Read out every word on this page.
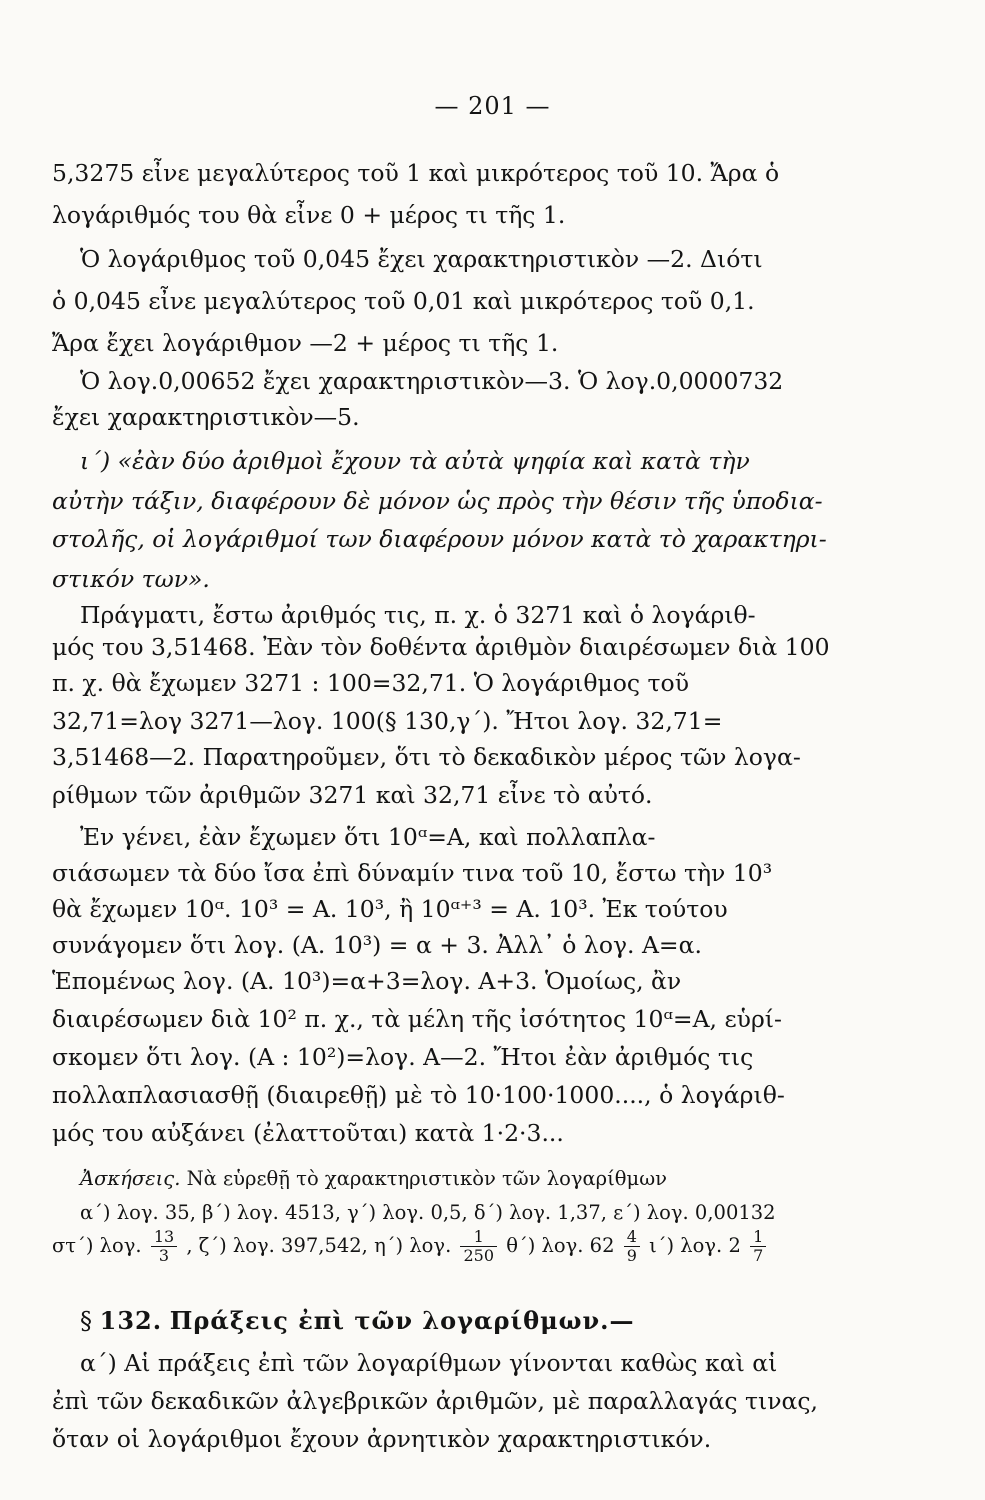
— 201 —
5,3275 εἶνε μεγαλύτερος τοῦ 1 καὶ μικρότερος τοῦ 10. Ἄρα ὁ
λογάριθμός του θὰ εἶνε 0 + μέρος τι τῆς 1.
Ὁ λογάριθμος τοῦ 0,045 ἔχει χαρακτηριστικὸν —2. Διότι
ὁ 0,045 εἶνε μεγαλύτερος τοῦ 0,01 καὶ μικρότερος τοῦ 0,1.
Ἄρα ἔχει λογάριθμον —2 + μέρος τι τῆς 1.
Ὁ λογ.0,00652 ἔχει χαρακτηριστικὸν—3. Ὁ λογ.0,0000732
ἔχει χαρακτηριστικὸν—5.
ι΄) «ἐὰν δύο ἀριθμοὶ ἔχουν τὰ αὐτὰ ψηφία καὶ κατὰ τὴν
αὐτὴν τάξιν, διαφέρουν δὲ μόνον ὡς πρὸς τὴν θέσιν τῆς ὑποδια-
στολῆς, οἱ λογάριθμοί των διαφέρουν μόνον κατὰ τὸ χαρακτηρι-
στικόν των».
Πράγματι, ἔστω ἀριθμός τις, π. χ. ὁ 3271 καὶ ὁ λογάριθ-
μός του 3,51468. Ἐὰν τὸν δοθέντα ἀριθμὸν διαιρέσωμεν διὰ 100
π. χ. θὰ ἔχωμεν 3271 : 100=32,71. Ὁ λογάριθμος τοῦ
32,71=λογ 3271—λογ. 100(§ 130,γ΄). Ἤτοι λογ. 32,71=
3,51468—2. Παρατηροῦμεν, ὅτι τὸ δεκαδικὸν μέρος τῶν λογα-
ρίθμων τῶν ἀριθμῶν 3271 καὶ 32,71 εἶνε τὸ αὐτό.
Ἐν γένει, ἐὰν ἔχωμεν ὅτι 10ᵅ=A, καὶ πολλαπλα-
σιάσωμεν τὰ δύο ἴσα ἐπὶ δύναμίν τινα τοῦ 10, ἔστω τὴν 10³
θὰ ἔχωμεν 10ᵅ. 10³ = A. 10³, ἢ 10ᵅ⁺³ = A. 10³. Ἐκ τούτου
συνάγομεν ὅτι λογ. (A. 10³) = α + 3. Ἀλλ᾽ ὁ λογ. A=α.
Ἑπομένως λογ. (A. 10³)=α+3=λογ. A+3. Ὁμοίως, ἂν
διαιρέσωμεν διὰ 10² π. χ., τὰ μέλη τῆς ἰσότητος 10ᵅ=A, εὑρί-
σκομεν ὅτι λογ. (A : 10²)=λογ. A—2. Ἤτοι ἐὰν ἀριθμός τις
πολλαπλασιασθῇ (διαιρεθῇ) μὲ τὸ 10·100·1000...., ὁ λογάριθ-
μός του αὐξάνει (ἐλαττοῦται) κατὰ 1·2·3...
Ἀσκήσεις. Νὰ εὑρεθῇ τὸ χαρακτηριστικὸν τῶν λογαρίθμων
α΄) λογ. 35, β΄) λογ. 4513, γ΄) λογ. 0,5, δ΄) λογ. 1,37, ε΄) λογ. 0,00132
στ΄) λογ. $\frac{13}{3}$ , ζ΄) λογ. 397,542, η΄) λογ. $\frac{1}{250} \theta΄$) λογ. $62 \frac{4}{9} \iota΄$) λογ. $2 \frac{1}{7}$
§ 132. Πράξεις ἐπὶ τῶν λογαρίθμων.—
α΄) Αἱ πράξεις ἐπὶ τῶν λογαρίθμων γίνονται καθὼς καὶ αἱ
ἐπὶ τῶν δεκαδικῶν ἀλγεβρικῶν ἀριθμῶν, μὲ παραλλαγάς τινας,
ὅταν οἱ λογάριθμοι ἔχουν ἀρνητικὸν χαρακτηριστικόν.
